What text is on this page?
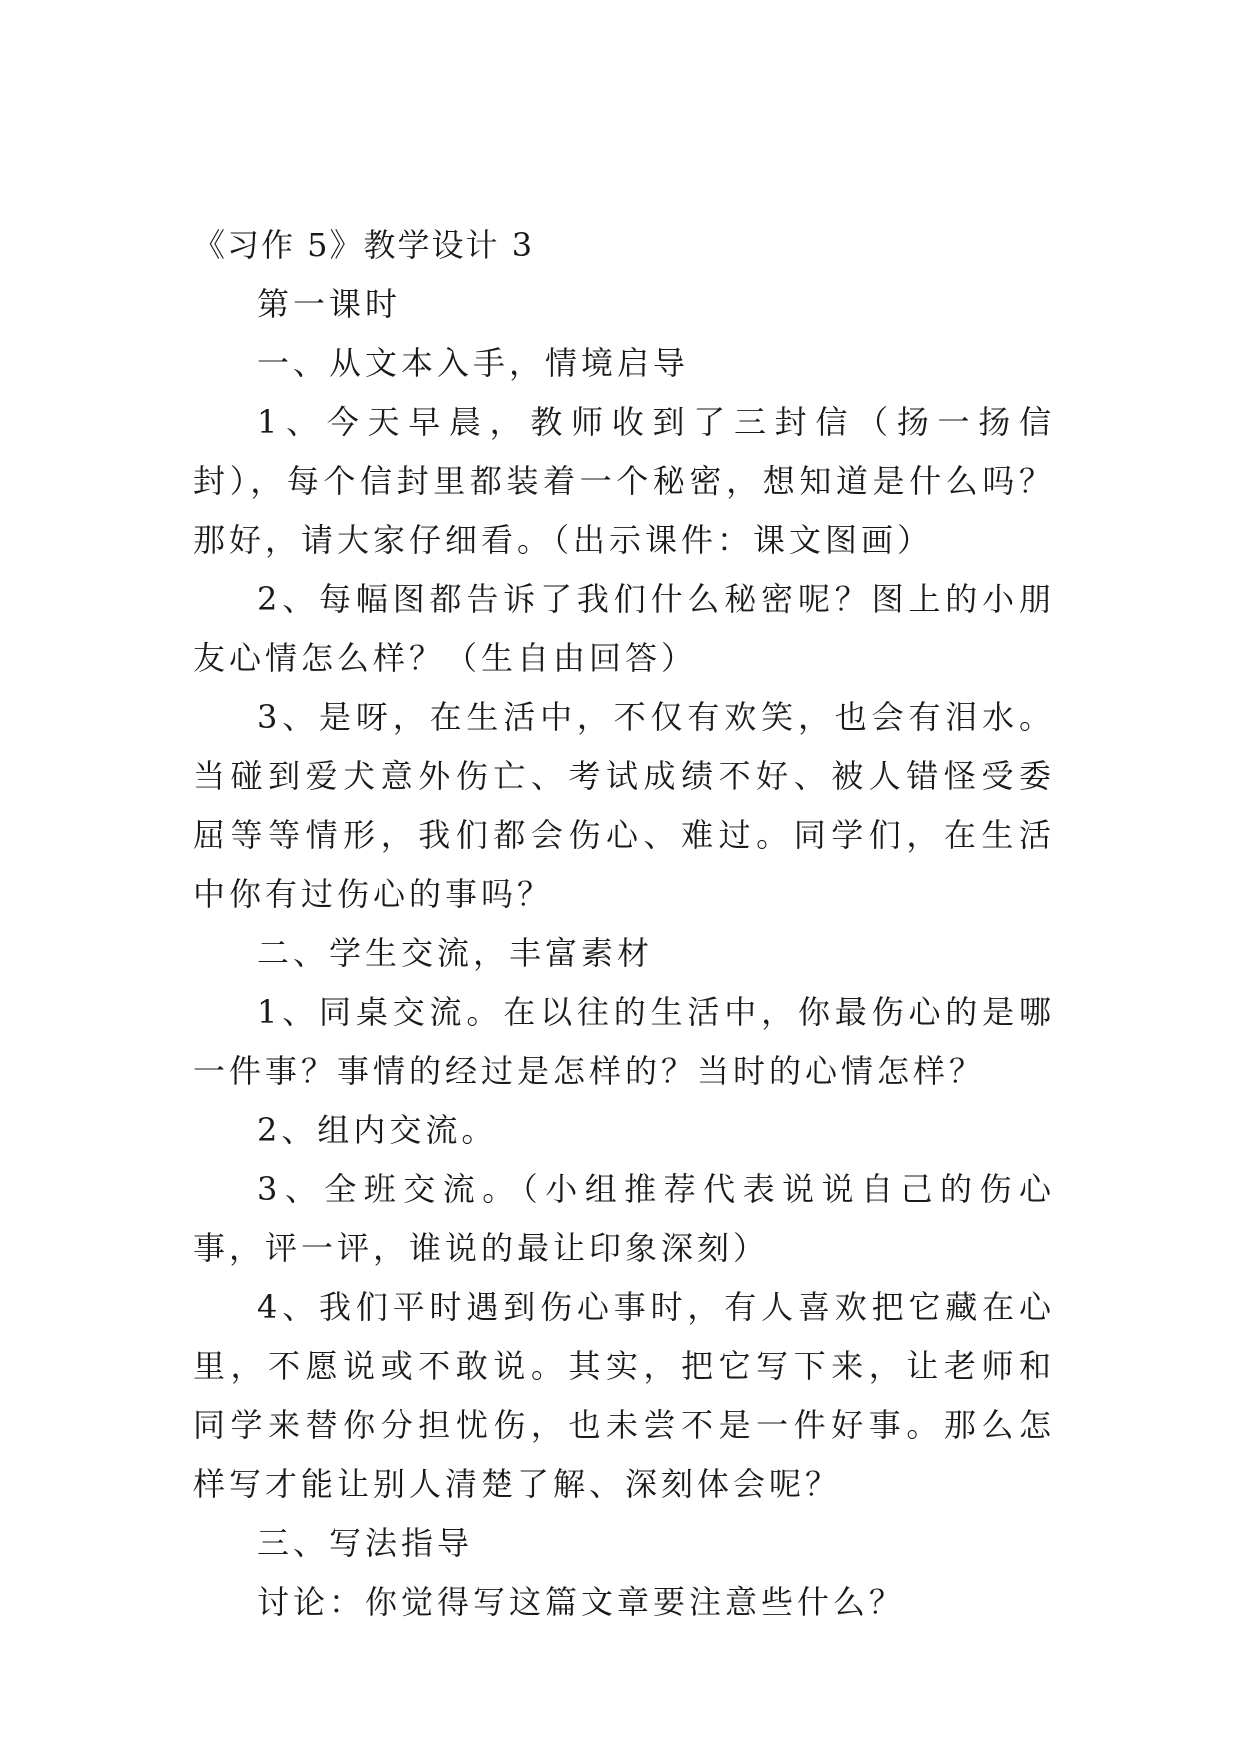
《习作 5》教学设计 3
第一课时
一、从文本入手，情境启导

1、今天早晨，教师收到了三封信（扬一扬信封），每个信封里都装着一个秘密，想知道是什么吗？那好，请大家仔细看。（出示课件：课文图画）

2、每幅图都告诉了我们什么秘密呢？图上的小朋友心情怎么样？（生自由回答）

3、是呀，在生活中，不仅有欢笑，也会有泪水。当碰到爱犬意外伤亡、考试成绩不好、被人错怪受委屈等等情形，我们都会伤心、难过。同学们，在生活中你有过伤心的事吗？

二、学生交流，丰富素材

1、同桌交流。在以往的生活中，你最伤心的是哪一件事？事情的经过是怎样的？当时的心情怎样？

2、组内交流。

3、全班交流。（小组推荐代表说说自己的伤心事，评一评，谁说的最让印象深刻）

4、我们平时遇到伤心事时，有人喜欢把它藏在心里，不愿说或不敢说。其实，把它写下来，让老师和同学来替你分担忧伤，也未尝不是一件好事。那么怎样写才能让别人清楚了解、深刻体会呢？

三、写法指导

讨论：你觉得写这篇文章要注意些什么？
